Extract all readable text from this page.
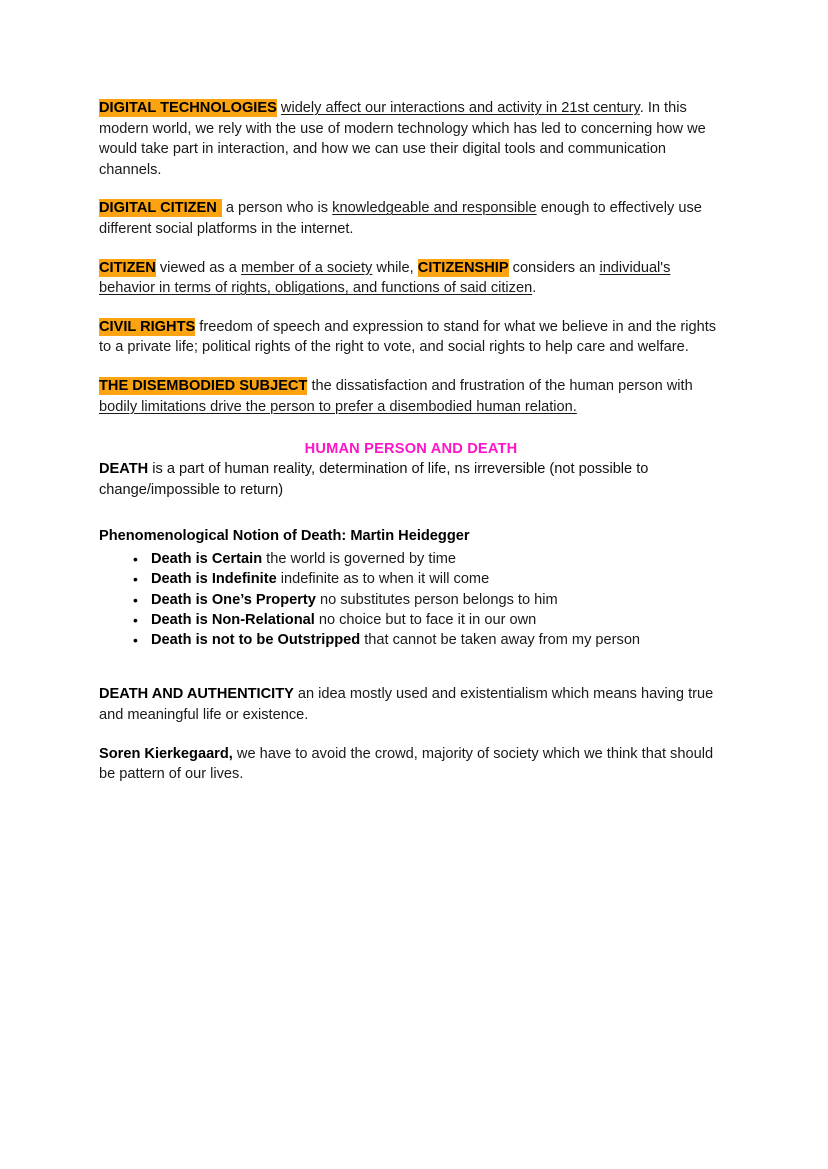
DIGITAL TECHNOLOGIES widely affect our interactions and activity in 21st century. In this modern world, we rely with the use of modern technology which has led to concerning how we would take part in interaction, and how we can use their digital tools and communication channels.

DIGITAL CITIZEN a person who is knowledgeable and responsible enough to effectively use different social platforms in the internet.

CITIZEN viewed as a member of a society while, CITIZENSHIP considers an individual's behavior in terms of rights, obligations, and functions of said citizen.

CIVIL RIGHTS freedom of speech and expression to stand for what we believe in and the rights to a private life; political rights of the right to vote, and social rights to help care and welfare.

THE DISEMBODIED SUBJECT the dissatisfaction and frustration of the human person with bodily limitations drive the person to prefer a disembodied human relation.

HUMAN PERSON AND DEATH

DEATH is a part of human reality, determination of life, ns irreversible (not possible to change/impossible to return)

Phenomenological Notion of Death: Martin Heidegger
• Death is Certain the world is governed by time
• Death is Indefinite indefinite as to when it will come
• Death is One’s Property no substitutes person belongs to him
• Death is Non-Relational no choice but to face it in our own
• Death is not to be Outstripped that cannot be taken away from my person

DEATH AND AUTHENTICITY an idea mostly used and existentialism which means having true and meaningful life or existence.

Soren Kierkegaard, we have to avoid the crowd, majority of society which we think that should be pattern of our lives.
